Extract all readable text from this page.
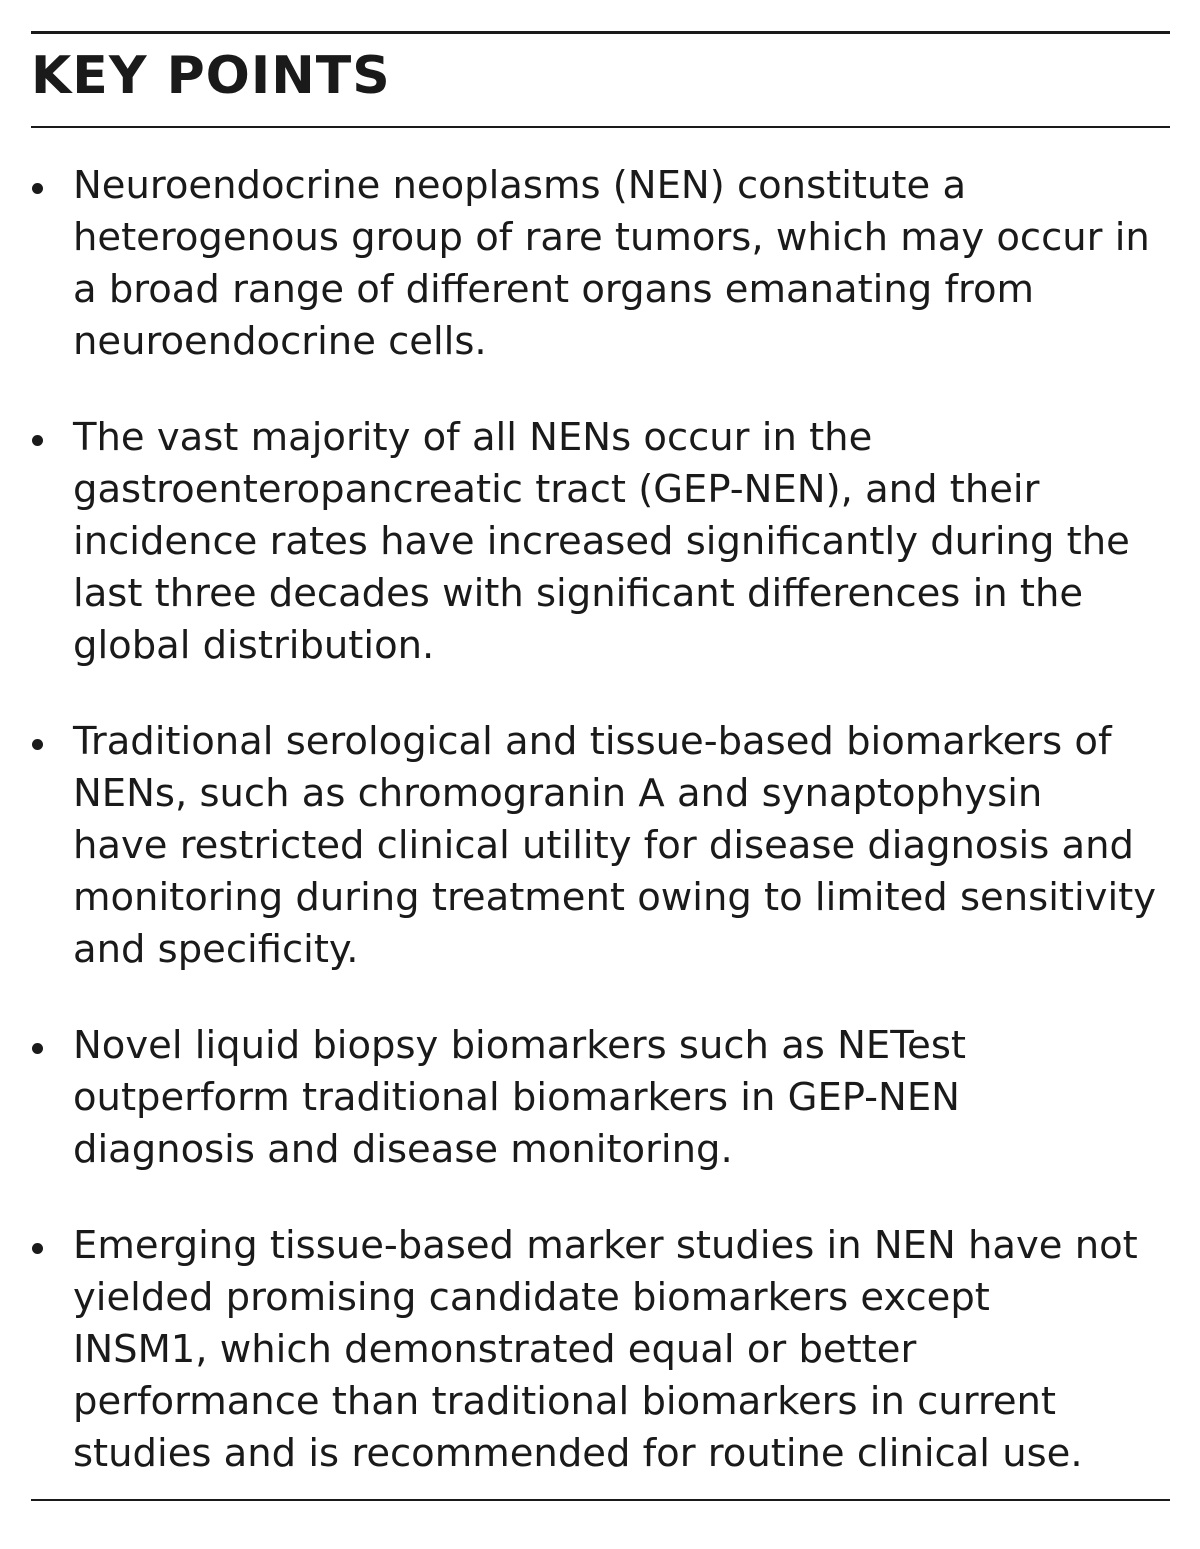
KEY POINTS
Neuroendocrine neoplasms (NEN) constitute a
heterogenous group of rare tumors, which may occur in
a broad range of different organs emanating from
neuroendocrine cells.
The vast majority of all NENs occur in the
gastroenteropancreatic tract (GEP-NEN), and their
incidence rates have increased significantly during the
last three decades with significant differences in the
global distribution.
Traditional serological and tissue-based biomarkers of
NENs, such as chromogranin A and synaptophysin
have restricted clinical utility for disease diagnosis and
monitoring during treatment owing to limited sensitivity
and specificity.
Novel liquid biopsy biomarkers such as NETest
outperform traditional biomarkers in GEP-NEN
diagnosis and disease monitoring.
Emerging tissue-based marker studies in NEN have not
yielded promising candidate biomarkers except
INSM1, which demonstrated equal or better
performance than traditional biomarkers in current
studies and is recommended for routine clinical use.
